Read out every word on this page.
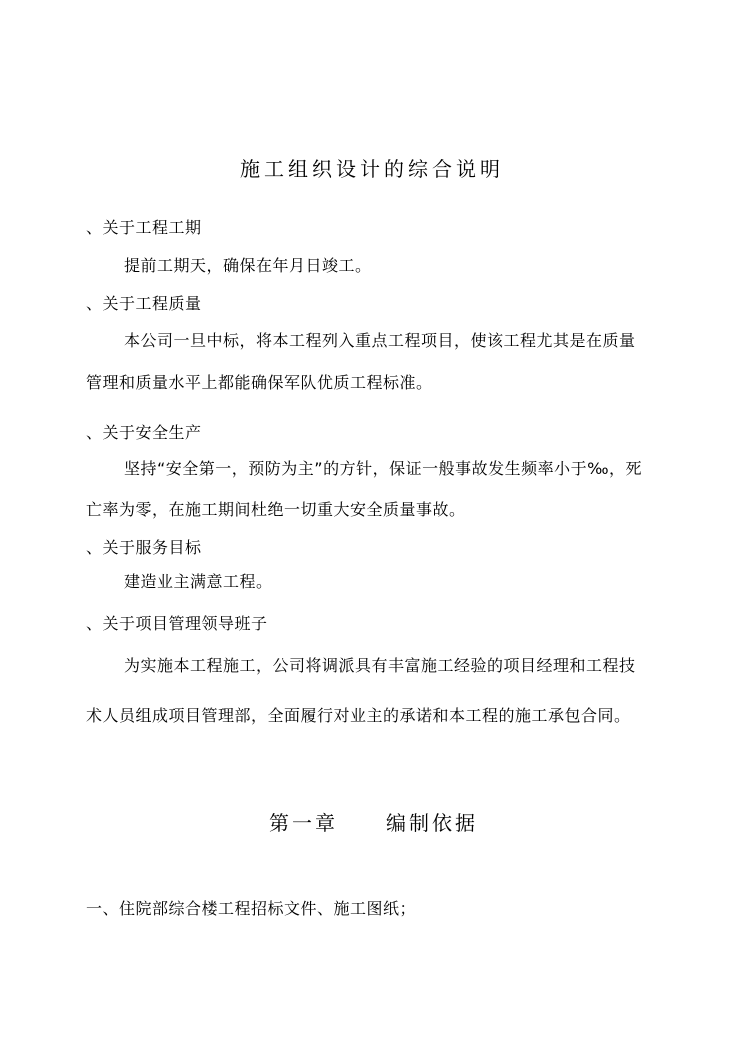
施工组织设计的综合说明
、关于工程工期
提前工期天，确保在年月日竣工。
、关于工程质量
本公司一旦中标，将本工程列入重点工程项目，使该工程尤其是在质量
管理和质量水平上都能确保军队优质工程标准。
、关于安全生产
坚持“安全第一，预防为主”的方针，保证一般事故发生频率小于‰，死
亡率为零，在施工期间杜绝一切重大安全质量事故。
、关于服务目标
建造业主满意工程。
、关于项目管理领导班子
为实施本工程施工，公司将调派具有丰富施工经验的项目经理和工程技
术人员组成项目管理部，全面履行对业主的承诺和本工程的施工承包合同。
第一章 编制依据
一、住院部综合楼工程招标文件、施工图纸；
